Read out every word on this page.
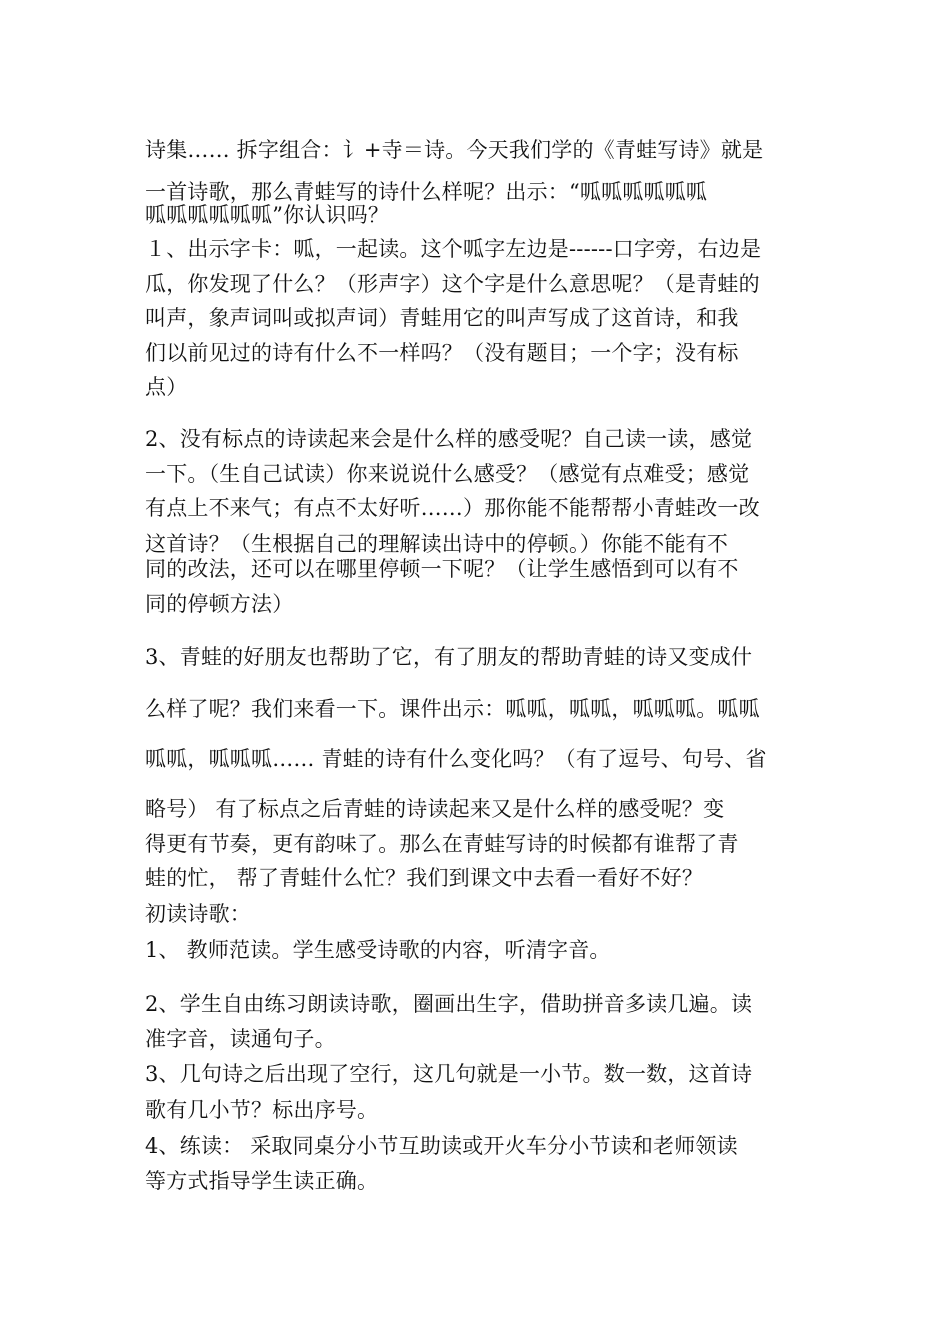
诗集…… 拆字组合：讠+寺＝诗。今天我们学的《青蛙写诗》就是
一首诗歌，那么青蛙写的诗什么样呢？出示：“呱呱呱呱呱呱
呱呱呱呱呱呱”你认识吗？
１、出示字卡：呱，一起读。这个呱字左边是------口字旁，右边是
瓜，你发现了什么？（形声字）这个字是什么意思呢？（是青蛙的
叫声，象声词叫或拟声词）青蛙用它的叫声写成了这首诗，和我
们以前见过的诗有什么不一样吗？（没有题目；一个字；没有标
点）
2、没有标点的诗读起来会是什么样的感受呢？自己读一读，感觉
一下。（生自己试读）你来说说什么感受？（感觉有点难受；感觉
有点上不来气；有点不太好听……）那你能不能帮帮小青蛙改一改
这首诗？（生根据自己的理解读出诗中的停顿。）你能不能有不
同的改法，还可以在哪里停顿一下呢？（让学生感悟到可以有不
同的停顿方法）
3、青蛙的好朋友也帮助了它，有了朋友的帮助青蛙的诗又变成什
么样了呢？我们来看一下。课件出示：呱呱，呱呱，呱呱呱。呱呱
呱呱，呱呱呱…… 青蛙的诗有什么变化吗？（有了逗号、句号、省
略号） 有了标点之后青蛙的诗读起来又是什么样的感受呢？变
得更有节奏，更有韵味了。那么在青蛙写诗的时候都有谁帮了青
蛙的忙， 帮了青蛙什么忙？我们到课文中去看一看好不好？
初读诗歌：
1、 教师范读。学生感受诗歌的内容，听清字音。
2、学生自由练习朗读诗歌，圈画出生字，借助拼音多读几遍。读
准字音，读通句子。
3、几句诗之后出现了空行，这几句就是一小节。数一数，这首诗
歌有几小节？标出序号。
4、练读： 采取同桌分小节互助读或开火车分小节读和老师领读
等方式指导学生读正确。
